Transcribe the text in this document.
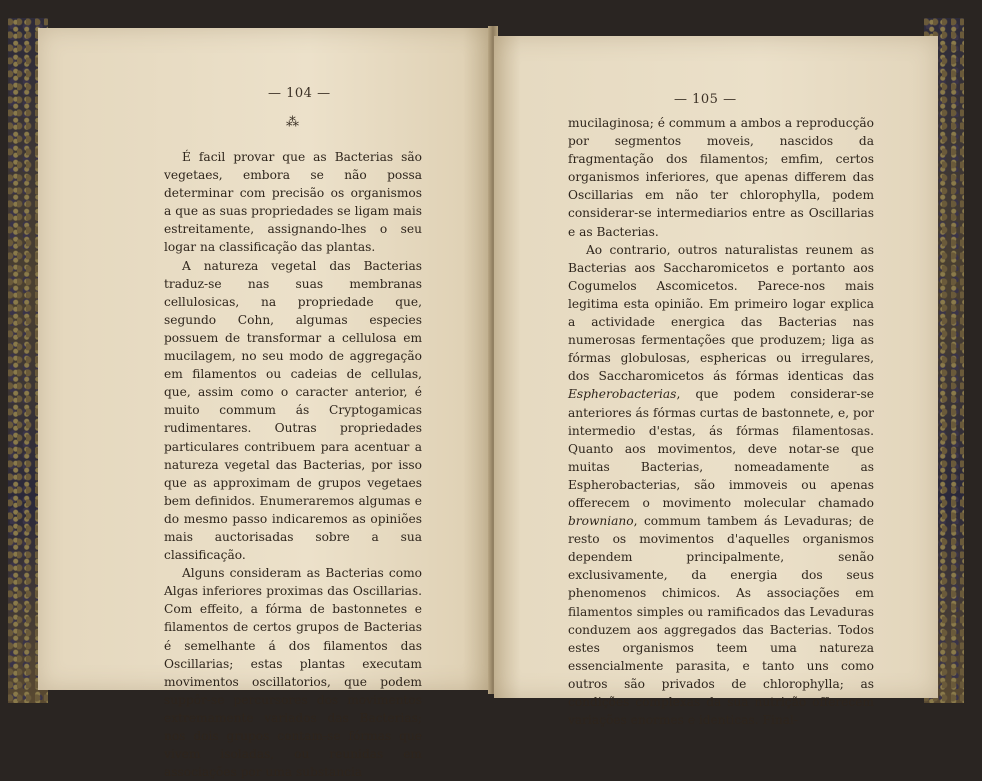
— 104 —

⁂

É facil provar que as Bacterias são vegetaes, embora se não possa determinar com precisão os organismos a que as suas propriedades se ligam mais estreitamente, assignando-lhes o seu logar na classificação das plantas.

A natureza vegetal das Bacterias traduz-se nas suas membranas cellulosicas, na propriedade que, segundo Cohn, algumas especies possuem de transformar a cellulosa em mucilagem, no seu modo de aggregação em filamentos ou cadeias de cellulas, que, assim como o caracter anterior, é muito commum ás Cryptogamicas rudimentares. Outras propriedades particulares contribuem para acentuar a natureza vegetal das Bacterias, por isso que as approximam de grupos vegetaes bem definidos. Enumeraremos algumas e do mesmo passo indicaremos as opiniões mais auctorisadas sobre a sua classificação.

Alguns consideram as Bacterias como Algas inferiores proximas das Oscillarias. Com effeito, a fórma de bastonnetes e filamentos de certos grupos de Bacterias é semelhante á dos filamentos das Oscillarias; estas plantas executam movimentos oscillatorios, que podem suppôr-se percursores dos movimentos extremamente variados das Bacterias; nos dois grupos contam-se fórmas que vivem isoladas, ou reunidas em associações por uma substancia

— 105 —

mucilaginosa; é commum a ambos a reproducção por segmentos moveis, nascidos da fragmentação dos filamentos; emfim, certos organismos inferiores, que apenas differem das Oscillarias em não ter chlorophylla, podem considerar-se intermediarios entre as Oscillarias e as Bacterias.

Ao contrario, outros naturalistas reunem as Bacterias aos Saccharomicetos e portanto aos Cogumelos Ascomicetos. Parece-nos mais legitima esta opinião. Em primeiro logar explica a actividade energica das Bacterias nas numerosas fermentações que produzem; liga as fórmas globulosas, esphericas ou irregulares, dos Saccharomicetos ás fórmas identicas das Espherobacterias, que podem considerar-se anteriores ás fórmas curtas de bastonnete, e, por intermedio d'estas, ás fórmas filamentosas. Quanto aos movimentos, deve notar-se que muitas Bacterias, nomeadamente as Espherobacterias, são immoveis ou apenas offerecem o movimento molecular chamado browniano, commum tambem ás Levaduras; de resto os movimentos d'aquelles organismos dependem principalmente, senão exclusivamente, da energia dos seus phenomenos chimicos. As associações em filamentos simples ou ramificados das Levaduras conduzem aos aggregados das Bacterias. Todos estes organismos teem uma natureza essencialmente parasita, e tanto uns como outros são privados de chlorophylla; as condições complexas da sua nutrição offerecem variações enormes e identicas. Final-
